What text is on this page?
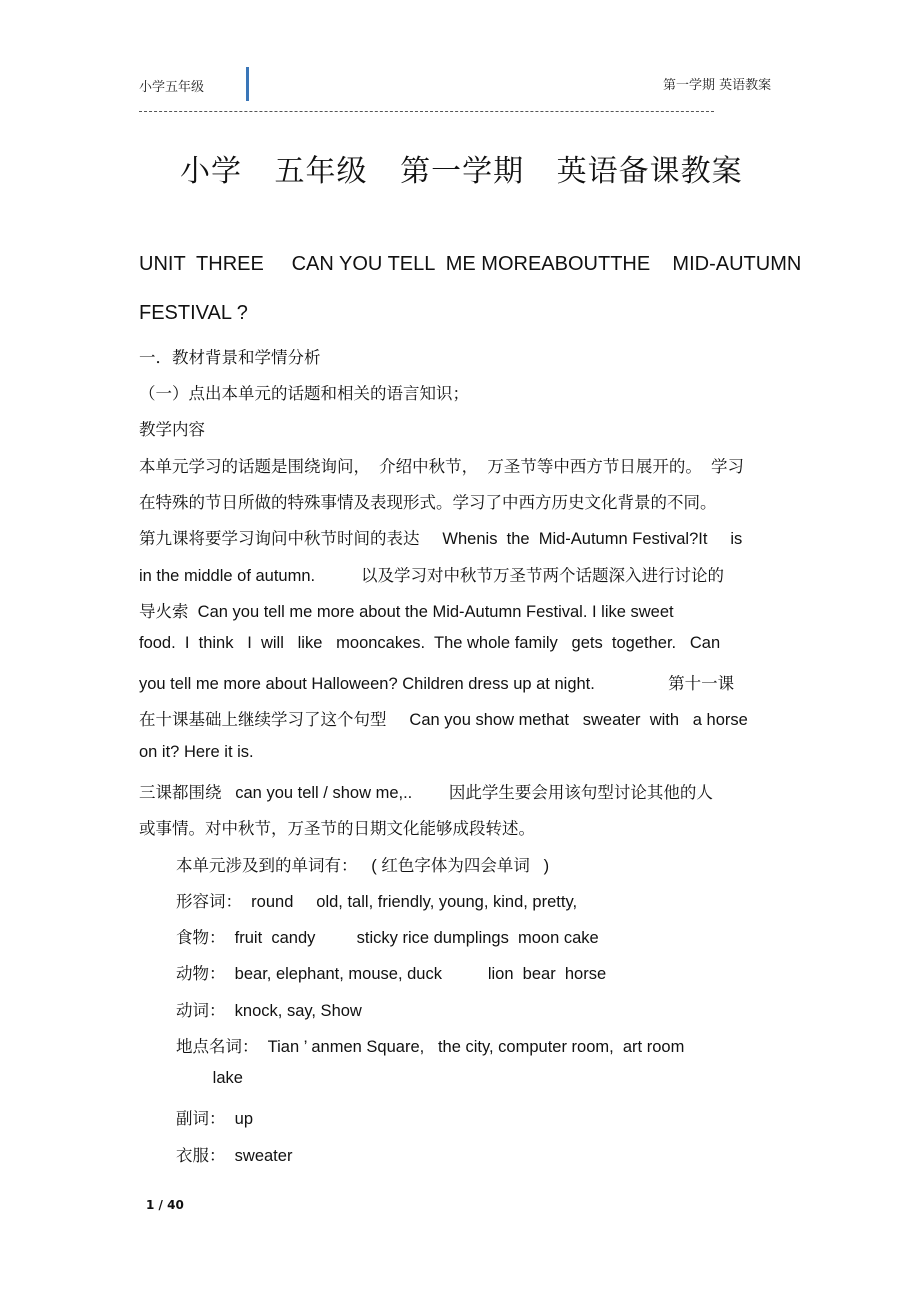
小学五年级	第一学期 英语教案
小学 五年级 第一学期 英语备课教案
UNIT  THREE     CAN YOU TELL  ME MOREABOUTTHE    MID-AUTUMN
FESTIVAL ?
一．教材背景和学情分析
（一）点出本单元的话题和相关的语言知识；
教学内容
本单元学习的话题是围绕询问，  介绍中秋节，  万圣节等中西方节日展开的。  学习
在特殊的节日所做的特殊事情及表现形式。学习了中西方历史文化背景的不同。
第九课将要学习询问中秋节时间的表达     Whenis  the  Mid-Autumn Festival?It     is
in the middle of autumn.          以及学习对中秋节万圣节两个话题深入进行讨论的
导火索  Can you tell me more about the Mid-Autumn Festival. I like sweet
food.  I  think   I  will   like   mooncakes.  The whole family   gets  together.   Can
you tell me more about Halloween? Children dress up at night.                第十一课
在十课基础上继续学习了这个句型     Can you show methat   sweater  with   a horse
on it? Here it is.
三课都围绕   can you tell / show me,..        因此学生要会用该句型讨论其他的人
或事情。对中秋节，万圣节的日期文化能够成段转述。
本单元涉及到的单词有：   ( 红色字体为四会单词   )
形容词：  round     old, tall, friendly, young, kind, pretty,
食物：  fruit  candy         sticky rice dumplings  moon cake
动物：  bear, elephant, mouse, duck          lion  bear  horse
动词：  knock, say, Show
地点名词：  Tian ’ anmen Square,   the city, computer room,  art room
lake
副词：  up
衣服：  sweater
1 / 40
